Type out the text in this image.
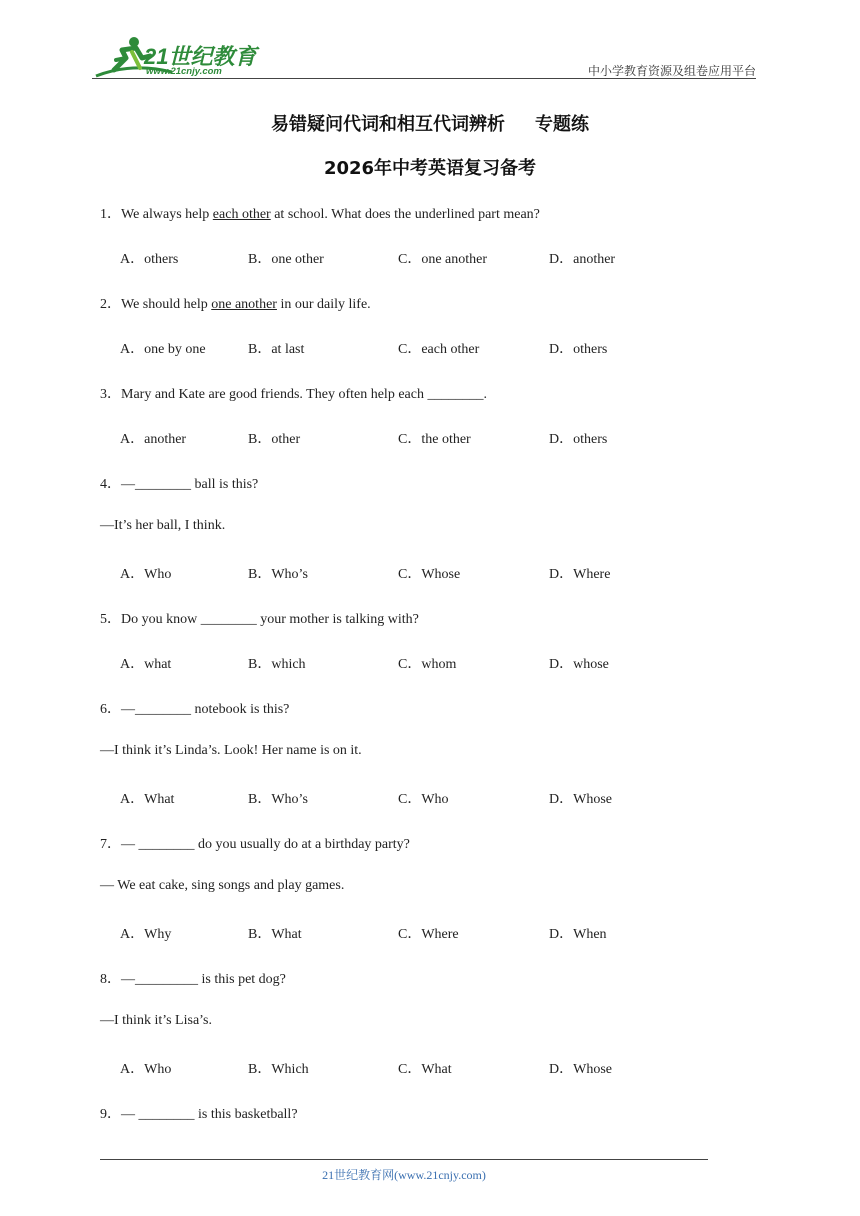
21世纪教育
www.21cnjy.com	中小学教育资源及组卷应用平台
易错疑问代词和相互代词辨析 专题练
2026年中考英语复习备考
1．We always help each other at school. What does the underlined part mean?
A．others	B．one other	C．one another	D．another
2．We should help one another in our daily life.
A．one by one	B．at last	C．each other	D．others
3．Mary and Kate are good friends. They often help each ________.
A．another	B．other	C．the other	D．others
4．—________ ball is this?
—It’s her ball, I think.
A．Who	B．Who’s	C．Whose	D．Where
5．Do you know ________ your mother is talking with?
A．what	B．which	C．whom	D．whose
6．—________ notebook is this?
—I think it’s Linda’s. Look! Her name is on it.
A．What	B．Who’s	C．Who	D．Whose
7．— ________ do you usually do at a birthday party?
— We eat cake, sing songs and play games.
A．Why	B．What	C．Where	D．When
8．—_________ is this pet dog?
—I think it’s Lisa’s.
A．Who	B．Which	C．What	D．Whose
9．— ________ is this basketball?
21世纪教育网(www.21cnjy.com)
